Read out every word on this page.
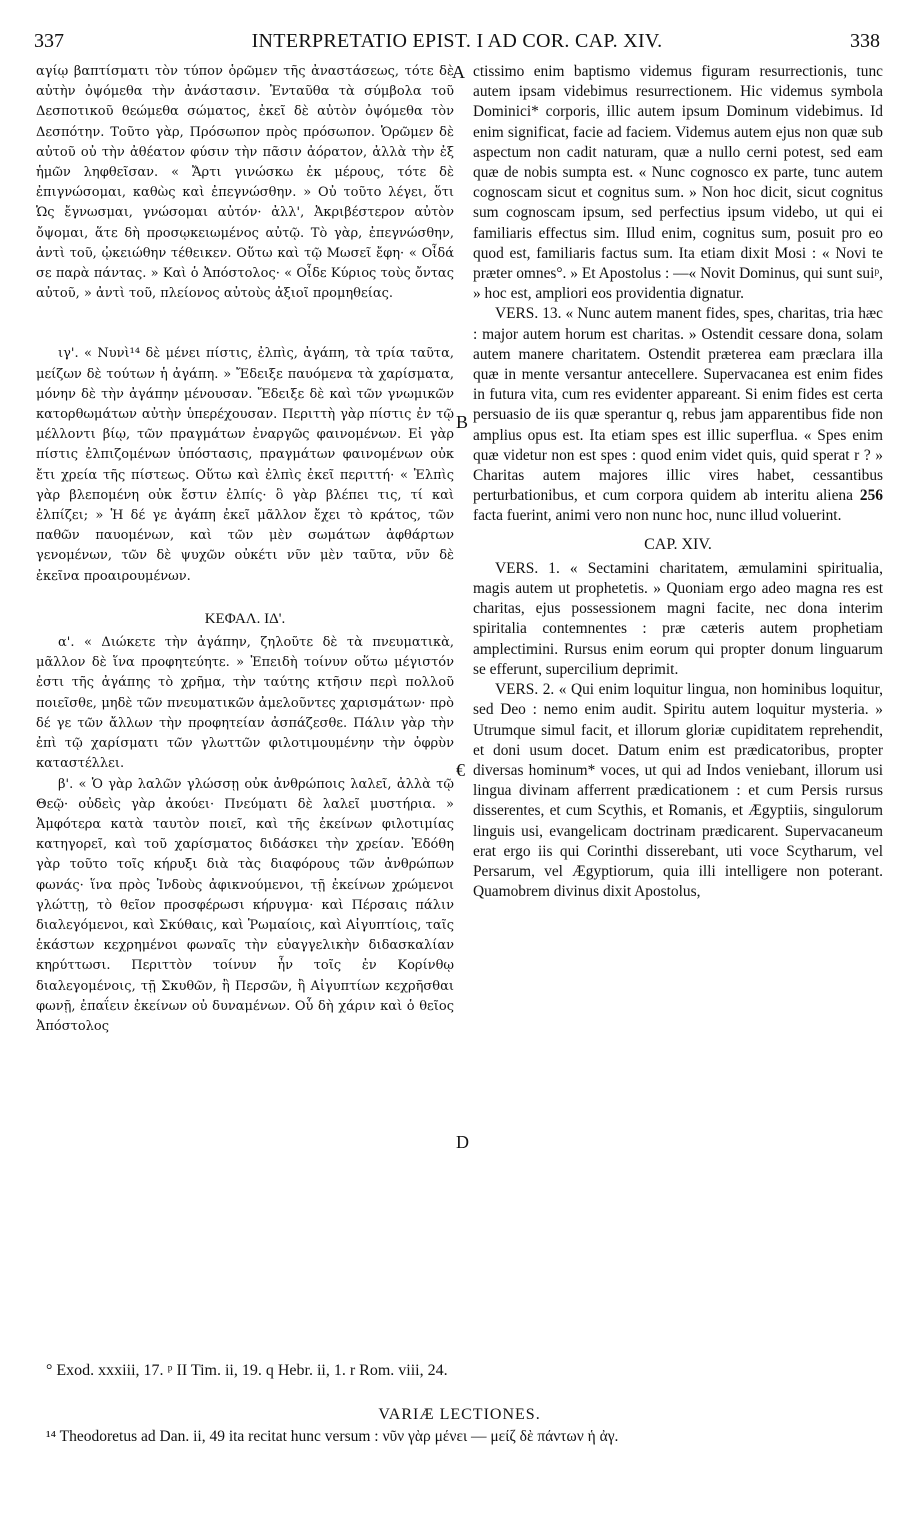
337	INTERPRETATIO EPIST. I AD COR. CAP. XIV.	338
A
B
€
D

αγίῳ βαπτίσματι τὸν τύπον ὁρῶμεν τῆς ἀναστάσεως, τότε δὲ αὐτὴν ὀψόμεθα τὴν ἀνάστασιν. Ἐνταῦθα τὰ σύμβολα τοῦ Δεσποτικοῦ θεώμεθα σώματος, ἐκεῖ δὲ αὐτὸν ὀψόμεθα τὸν Δεσπότην. Τοῦτο γὰρ, Πρόσωπον πρὸς πρόσωπον. Ὁρῶμεν δὲ αὐτοῦ οὐ τὴν ἀθέατον φύσιν τὴν πᾶσιν ἀόρατον, ἀλλὰ τὴν ἐξ ἡμῶν ληφθεῖσαν. « Ἄρτι γινώσκω ἐκ μέρους, τότε δὲ ἐπιγνώσομαι, καθὼς καὶ ἐπεγνώσθην. » Οὐ τοῦτο λέγει, ὅτι Ὡς ἔγνωσμαι, γνώσομαι αὐτόν· ἀλλ', Ἀκριβέστερον αὐτὸν ὄψομαι, ἅτε δὴ προσῳκειωμένος αὐτῷ. Τὸ γὰρ, ἐπεγνώσθην, ἀντὶ τοῦ, ᾠκειώθην τέθεικεν. Οὕτω καὶ τῷ Μωσεῖ ἔφη· « Οἶδά σε παρὰ πάντας. » Καὶ ὁ Ἀπόστολος· « Οἶδε Κύριος τοὺς ὄντας αὐτοῦ, » ἀντὶ τοῦ, πλείονος αὐτοὺς ἀξιοῖ προμηθείας.

ιγ'. « Νυνὶ¹⁴ δὲ μένει πίστις, ἐλπὶς, ἀγάπη, τὰ τρία ταῦτα, μείζων δὲ τούτων ἡ ἀγάπη. » Ἔδειξε παυόμενα τὰ χαρίσματα, μόνην δὲ τὴν ἀγάπην μένουσαν. Ἔδειξε δὲ καὶ τῶν γνωμικῶν κατορθωμάτων αὐτὴν ὑπερέχουσαν. Περιττὴ γὰρ πίστις ἐν τῷ μέλλοντι βίῳ, τῶν πραγμάτων ἐναργῶς φαινομένων. Εἰ γὰρ πίστις ἐλπιζομένων ὑπόστασις, πραγμάτων φαινομένων οὐκ ἔτι χρεία τῆς πίστεως. Οὕτω καὶ ἐλπὶς ἐκεῖ περιττή· « Ἐλπὶς γὰρ βλεπομένη οὐκ ἔστιν ἐλπίς· ὃ γὰρ βλέπει τις, τί καὶ ἐλπίζει; » Ἡ δέ γε ἀγάπη ἐκεῖ μᾶλλον ἔχει τὸ κράτος, τῶν παθῶν παυομένων, καὶ τῶν μὲν σωμάτων ἀφθάρτων γενομένων, τῶν δὲ ψυχῶν οὐκέτι νῦν μὲν ταῦτα, νῦν δὲ ἐκεῖνα προαιρουμένων.

ΚΕΦΑΛ. ΙΔ'.

α'. « Διώκετε τὴν ἀγάπην, ζηλοῦτε δὲ τὰ πνευματικὰ, μᾶλλον δὲ ἵνα προφητεύητε. » Ἐπειδὴ τοίνυν οὕτω μέγιστόν ἐστι τῆς ἀγάπης τὸ χρῆμα, τὴν ταύτης κτῆσιν περὶ πολλοῦ ποιεῖσθε, μηδὲ τῶν πνευματικῶν ἀμελοῦντες χαρισμάτων· πρὸ δέ γε τῶν ἄλλων τὴν προφητείαν ἀσπάζεσθε. Πάλιν γὰρ τὴν ἐπὶ τῷ χαρίσματι τῶν γλωττῶν φιλοτιμουμένην τὴν ὀφρὺν καταστέλλει.

β'. « Ὁ γὰρ λαλῶν γλώσσῃ οὐκ ἀνθρώποις λαλεῖ, ἀλλὰ τῷ Θεῷ· οὐδεὶς γὰρ ἀκούει· Πνεύματι δὲ λαλεῖ μυστήρια. » Ἀμφότερα κατὰ ταυτὸν ποιεῖ, καὶ τῆς ἐκείνων φιλοτιμίας κατηγορεῖ, καὶ τοῦ χαρίσματος διδάσκει τὴν χρείαν. Ἐδόθη γὰρ τοῦτο τοῖς κήρυξι διὰ τὰς διαφόρους τῶν ἀνθρώπων φωνάς· ἵνα πρὸς Ἰνδοὺς ἀφικνούμενοι, τῇ ἐκείνων χρώμενοι γλώττῃ, τὸ θεῖον προσφέρωσι κήρυγμα· καὶ Πέρσαις πάλιν διαλεγόμενοι, καὶ Σκύθαις, καὶ Ῥωμαίοις, καὶ Αἰγυπτίοις, ταῖς ἑκάστων κεχρημένοι φωναῖς τὴν εὐαγγελικὴν διδασκαλίαν κηρύττωσι. Περιττὸν τοίνυν ἦν τοῖς ἐν Κορίνθῳ διαλεγομένοις, τῇ Σκυθῶν, ἢ Περσῶν, ἢ Αἰγυπτίων κεχρῆσθαι φωνῇ, ἐπαΐειν ἐκείνων οὐ δυναμένων. Οὗ δὴ χάριν καὶ ὁ θεῖος Ἀπόστολος

ctissimo enim baptismo videmus figuram resurrectionis, tunc autem ipsam videbimus resurrectionem. Hic videmus symbola Dominici* corporis, illic autem ipsum Dominum videbimus. Id enim significat, facie ad faciem. Videmus autem ejus non quæ sub aspectum non cadit naturam, quæ a nullo cerni potest, sed eam quæ de nobis sumpta est. « Nunc cognosco ex parte, tunc autem cognoscam sicut et cognitus sum. » Non hoc dicit, sicut cognitus sum cognoscam ipsum, sed perfectius ipsum videbo, ut qui ei familiaris effectus sim. Illud enim, cognitus sum, posuit pro eo quod est, familiaris factus sum. Ita etiam dixit Mosi : « Novi te præter omnes°. » Et Apostolus : —« Novit Dominus, qui sunt suiᵖ, » hoc est, ampliori eos providentia dignatur.

VERS. 13. « Nunc autem manent fides, spes, charitas, tria hæc : major autem horum est charitas. » Ostendit cessare dona, solam autem manere charitatem. Ostendit præterea eam præclara illa quæ in mente versantur antecellere. Supervacanea est enim fides in futura vita, cum res evidenter appareant. Si enim fides est certa persuasio de iis quæ sperantur q, rebus jam apparentibus fide non amplius opus est. Ita etiam spes est illic superflua. « Spes enim quæ videtur non est spes : quod enim videt quis, quid sperat r ? » Charitas autem majores illic vires habet, cessantibus perturbationibus, et cum corpora quidem ab interitu aliena 256 facta fuerint, animi vero non nunc hoc, nunc illud voluerint.

CAP. XIV.

VERS. 1. « Sectamini charitatem, æmulamini spiritualia, magis autem ut prophetetis. » Quoniam ergo adeo magna res est charitas, ejus possessionem magni facite, nec dona interim spiritalia contemnentes : præ cæteris autem prophetiam amplectimini. Rursus enim eorum qui propter donum linguarum se efferunt, supercilium deprimit.

VERS. 2. « Qui enim loquitur lingua, non hominibus loquitur, sed Deo : nemo enim audit. Spiritu autem loquitur mysteria. » Utrumque simul facit, et illorum gloriæ cupiditatem reprehendit, et doni usum docet. Datum enim est prædicatoribus, propter diversas hominum* voces, ut qui ad Indos veniebant, illorum usi lingua divinam afferrent prædicationem : et cum Persis rursus disserentes, et cum Scythis, et Romanis, et Ægyptiis, singulorum linguis usi, evangelicam doctrinam prædicarent. Supervacaneum erat ergo iis qui Corinthi disserebant, uti voce Scytharum, vel Persarum, vel Ægyptiorum, quia illi intelligere non poterant. Quamobrem divinus dixit Apostolus,

° Exod. xxxiii, 17. ᵖ II Tim. ii, 19. q Hebr. ii, 1. r Rom. viii, 24.
VARIÆ LECTIONES.
¹⁴ Theodoretus ad Dan. ii, 49 ita recitat hunc versum : νῦν γὰρ μένει — μείζ δὲ πάντων ἡ ἀγ.
